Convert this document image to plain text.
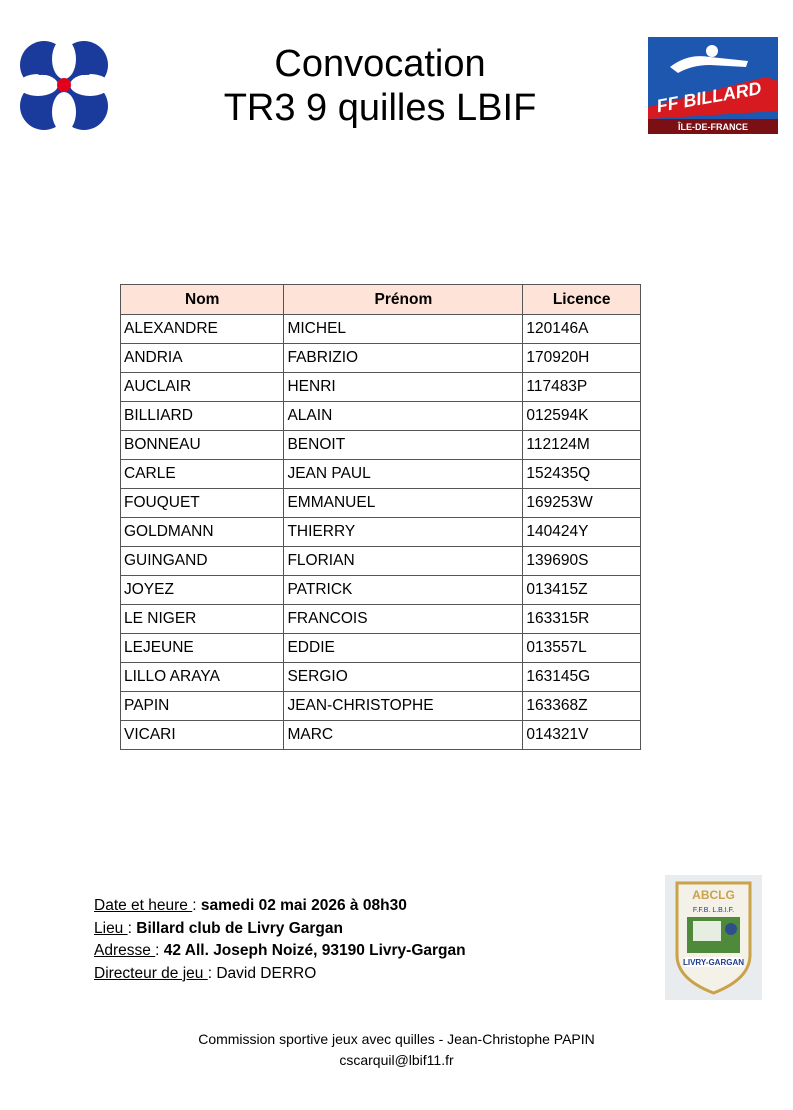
L B
I F
Convocation
TR3 9 quilles LBIF	FF BILLARD
ÎLE-DE-FRANCE
Nom	Prénom	Licence
ALEXANDRE	MICHEL	120146A
ANDRIA	FABRIZIO	170920H
AUCLAIR	HENRI	117483P
BILLIARD	ALAIN	012594K
BONNEAU	BENOIT	112124M
CARLE	JEAN PAUL	152435Q
FOUQUET	EMMANUEL	169253W
GOLDMANN	THIERRY	140424Y
GUINGAND	FLORIAN	139690S
JOYEZ	PATRICK	013415Z
LE NIGER	FRANCOIS	163315R
LEJEUNE	EDDIE	013557L
LILLO ARAYA	SERGIO	163145G
PAPIN	JEAN-CHRISTOPHE	163368Z
VICARI	MARC	014321V
Date et heure : samedi 02 mai 2026 à 08h30
Lieu : Billard club de Livry Gargan
Adresse : 42 All. Joseph Noizé, 93190 Livry-Gargan
Directeur de jeu : David DERRO
ABCLG
F.F.B. L.B.I.F.
LIVRY-GARGAN
Commission sportive jeux avec quilles - Jean-Christophe PAPIN
cscarquil@lbif11.fr
